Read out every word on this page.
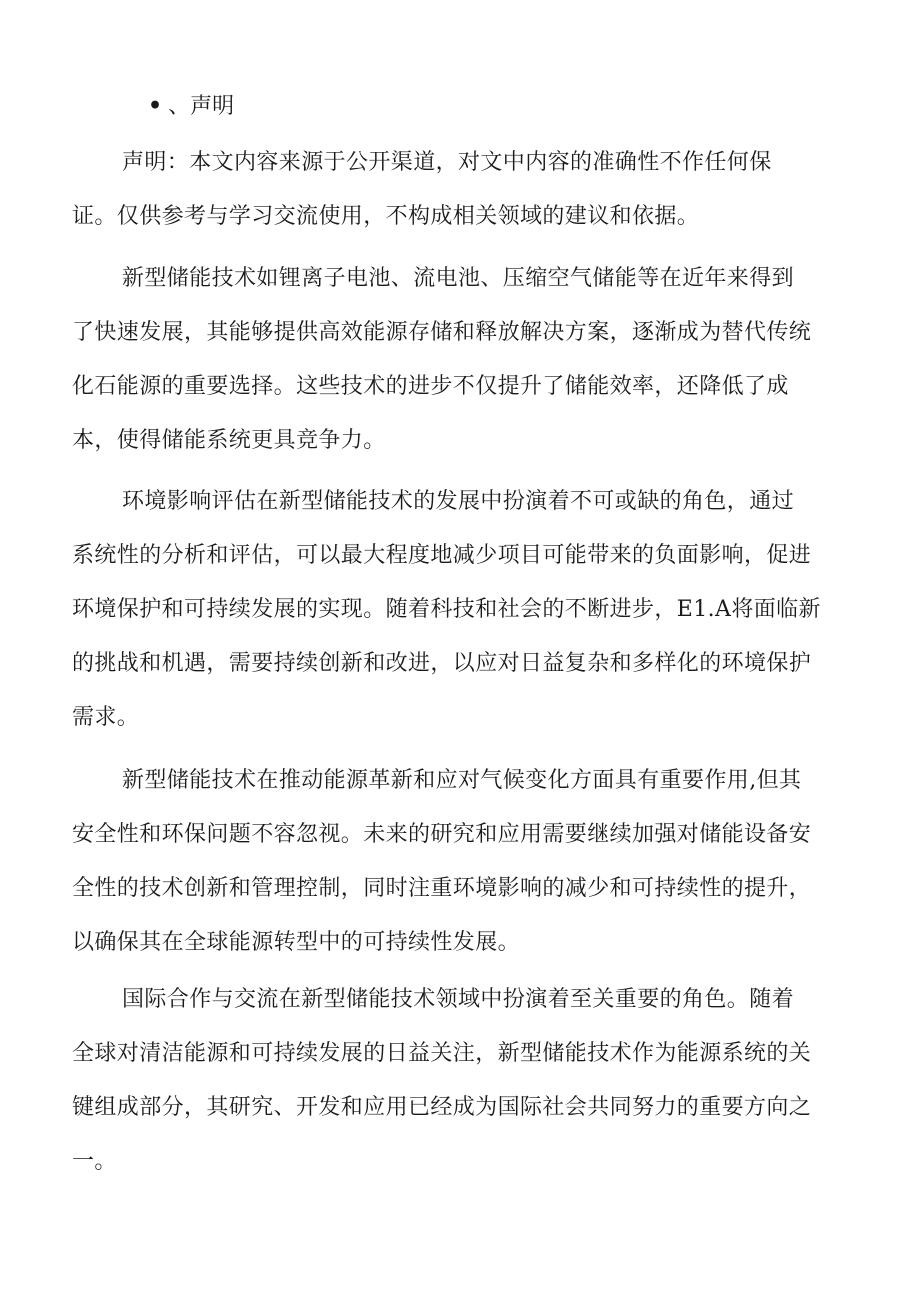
• 、声明
声明：本文内容来源于公开渠道，对文中内容的准确性不作任何保
证。仅供参考与学习交流使用，不构成相关领域的建议和依据。
新型储能技术如锂离子电池、流电池、压缩空气储能等在近年来得到
了快速发展，其能够提供高效能源存储和释放解决方案，逐渐成为替代传统
化石能源的重要选择。这些技术的进步不仅提升了储能效率，还降低了成
本，使得储能系统更具竞争力。
环境影响评估在新型储能技术的发展中扮演着不可或缺的角色，通过
系统性的分析和评估，可以最大程度地减少项目可能带来的负面影响，促进
环境保护和可持续发展的实现。随着科技和社会的不断进步，E1.A将面临新
的挑战和机遇，需要持续创新和改进，以应对日益复杂和多样化的环境保护
需求。
新型储能技术在推动能源革新和应对气候变化方面具有重要作用,但其
安全性和环保问题不容忽视。未来的研究和应用需要继续加强对储能设备安
全性的技术创新和管理控制，同时注重环境影响的减少和可持续性的提升，
以确保其在全球能源转型中的可持续性发展。
国际合作与交流在新型储能技术领域中扮演着至关重要的角色。随着
全球对清洁能源和可持续发展的日益关注，新型储能技术作为能源系统的关
键组成部分，其研究、开发和应用已经成为国际社会共同努力的重要方向之
一。
